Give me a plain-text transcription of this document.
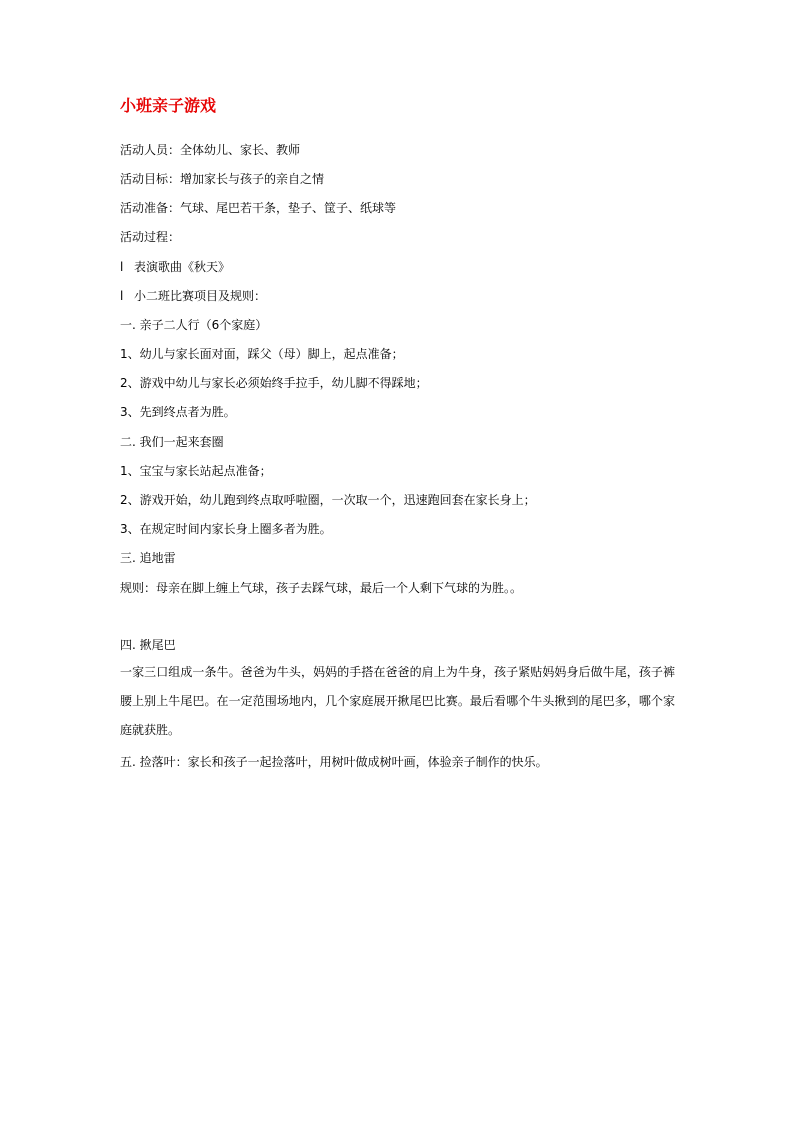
小班亲子游戏
活动人员：全体幼儿、家长、教师
活动目标：增加家长与孩子的亲自之情
活动准备：气球、尾巴若干条，垫子、筐子、纸球等
活动过程：
l 表演歌曲《秋天》
l 小二班比赛项目及规则：
一. 亲子二人行（6个家庭）
1、幼儿与家长面对面，踩父（母）脚上，起点准备；
2、游戏中幼儿与家长必须始终手拉手，幼儿脚不得踩地；
3、先到终点者为胜。
二. 我们一起来套圈
1、宝宝与家长站起点准备；
2、游戏开始，幼儿跑到终点取呼啦圈，一次取一个，迅速跑回套在家长身上；
3、在规定时间内家长身上圈多者为胜。
三. 追地雷
规则：母亲在脚上缠上气球，孩子去踩气球，最后一个人剩下气球的为胜。。
四. 揪尾巴
一家三口组成一条牛。爸爸为牛头，妈妈的手搭在爸爸的肩上为牛身，孩子紧贴妈妈身后做牛尾，孩子裤腰上别上牛尾巴。在一定范围场地内，几个家庭展开揪尾巴比赛。最后看哪个牛头揪到的尾巴多，哪个家庭就获胜。
五. 捡落叶：家长和孩子一起捡落叶，用树叶做成树叶画，体验亲子制作的快乐。
